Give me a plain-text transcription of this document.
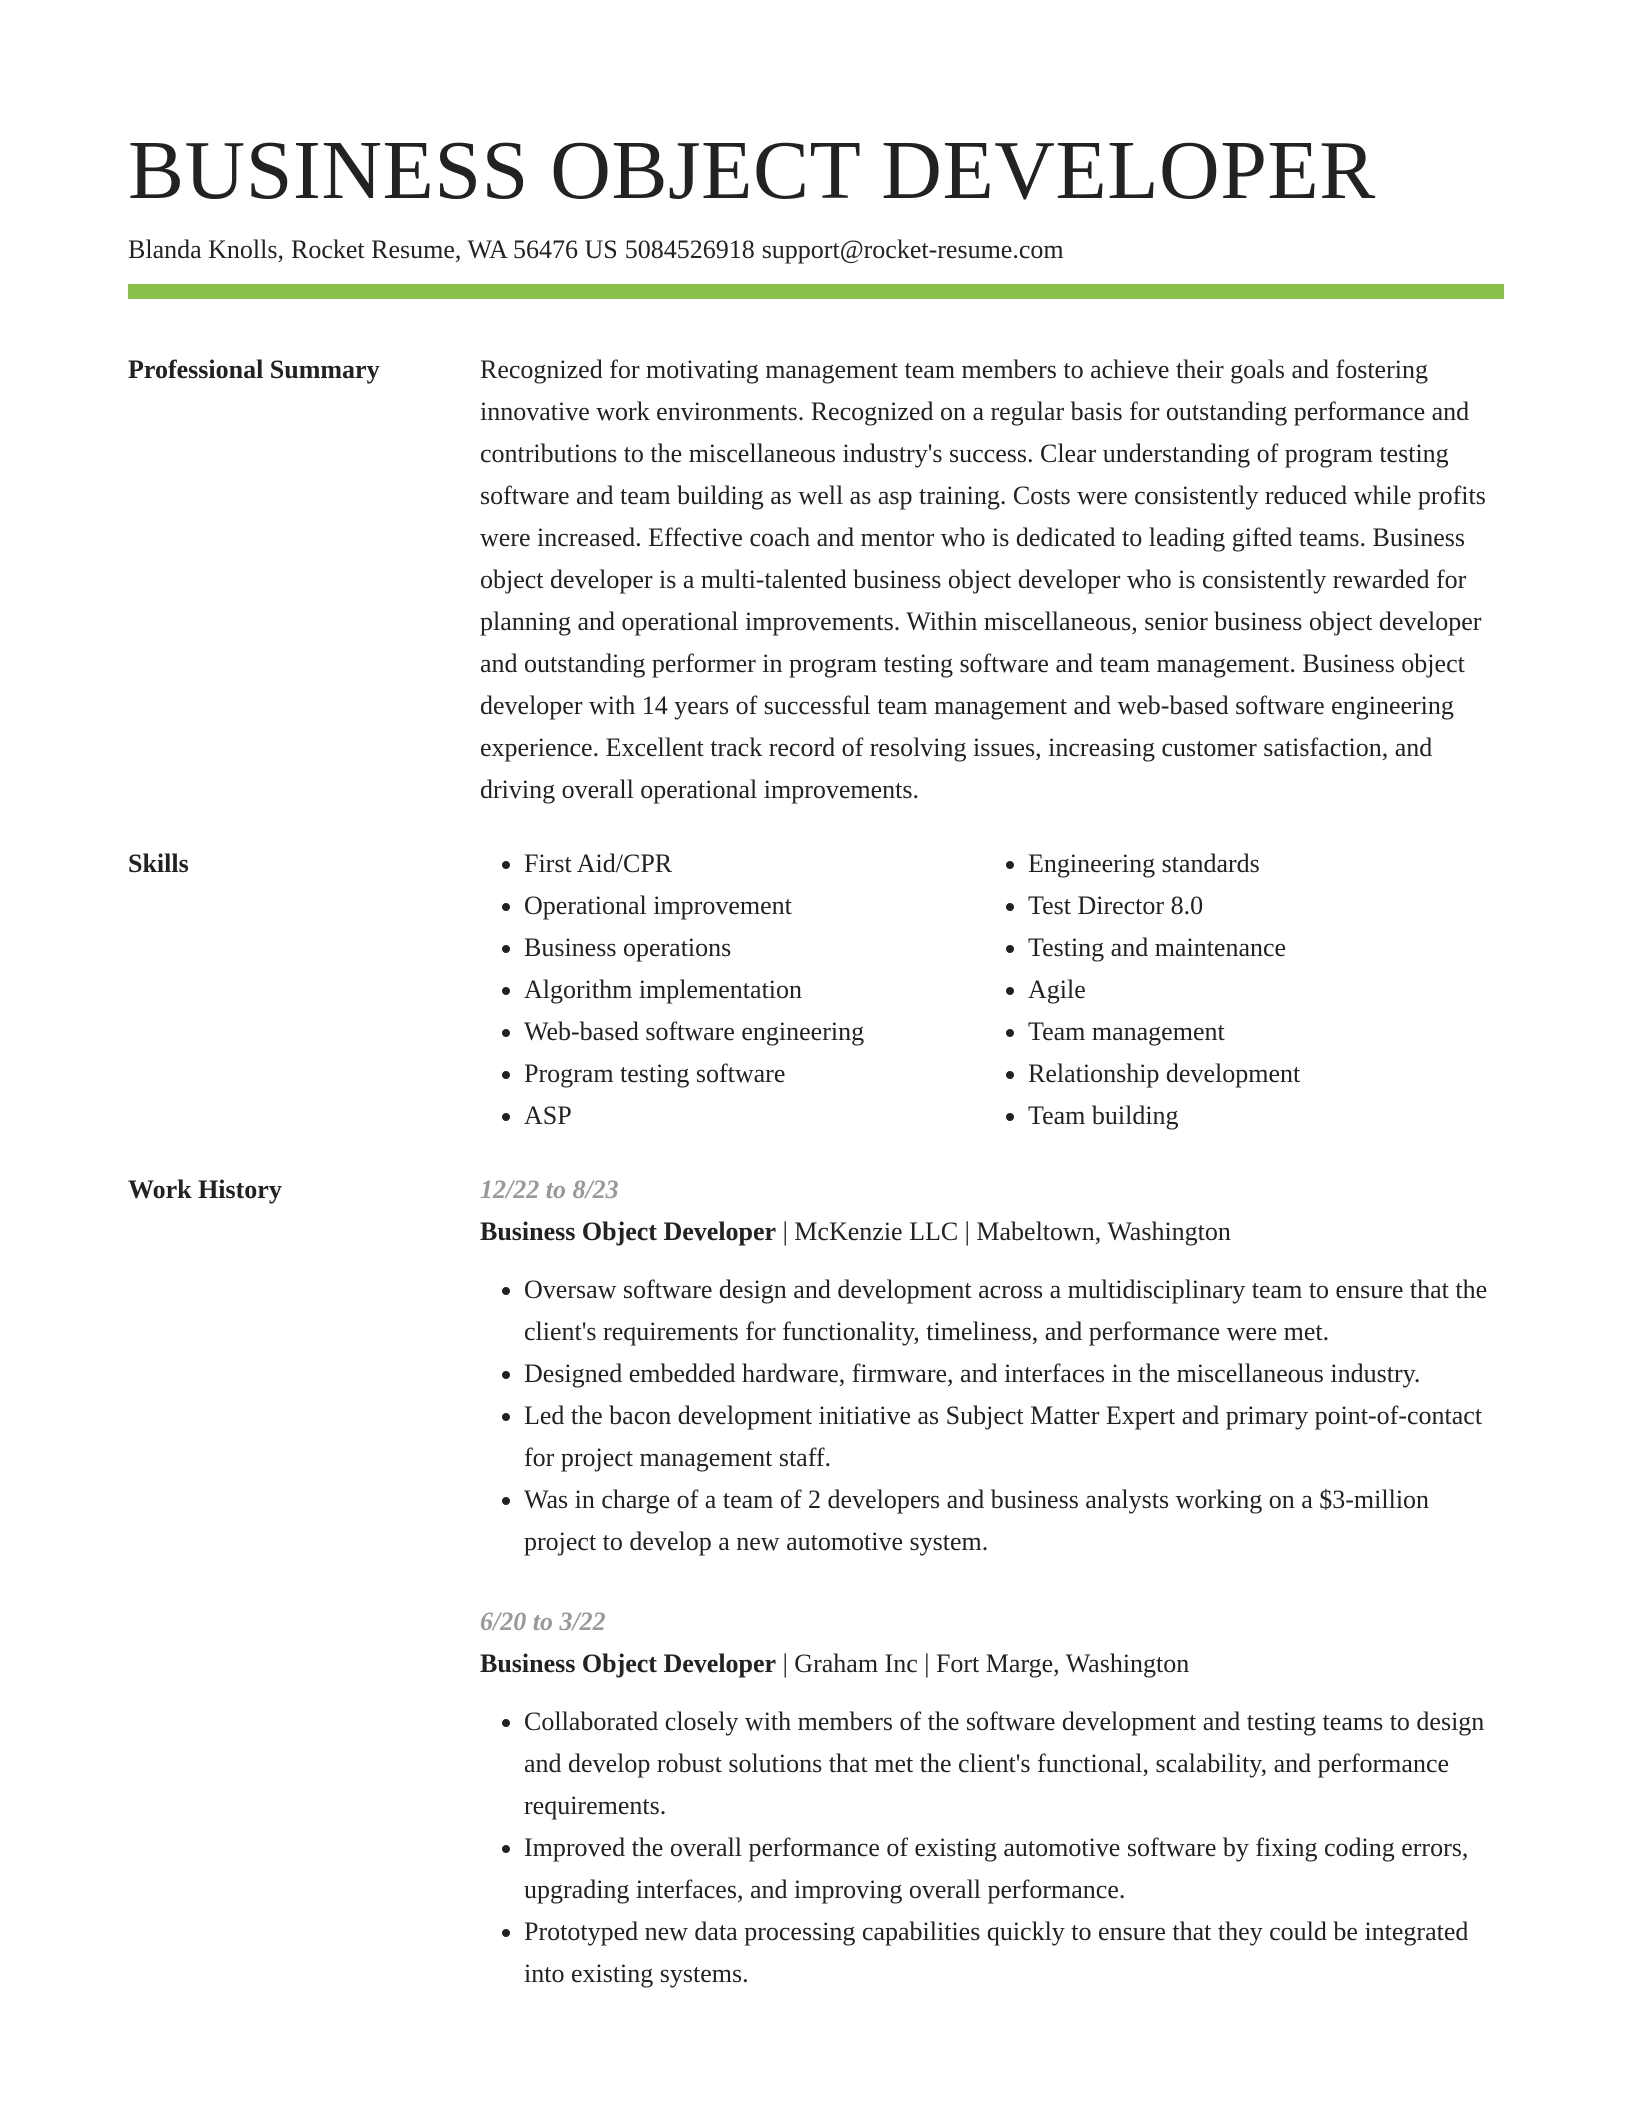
BUSINESS OBJECT DEVELOPER
Blanda Knolls, Rocket Resume, WA 56476 US 5084526918 support@rocket-resume.com
Professional Summary	Recognized for motivating management team members to achieve their goals and fostering innovative work environments. Recognized on a regular basis for outstanding performance and contributions to the miscellaneous industry's success. Clear understanding of program testing software and team building as well as asp training. Costs were consistently reduced while profits were increased. Effective coach and mentor who is dedicated to leading gifted teams. Business object developer is a multi-talented business object developer who is consistently rewarded for planning and operational improvements. Within miscellaneous, senior business object developer and outstanding performer in program testing software and team management. Business object developer with 14 years of successful team management and web-based software engineering experience. Excellent track record of resolving issues, increasing customer satisfaction, and driving overall operational improvements.
Skills
•	First Aid/CPR
• Operational improvement
• Business operations
• Algorithm implementation
• Web-based software engineering
• Program testing software
• ASP
• Engineering standards
• Test Director 8.0
• Testing and maintenance
• Agile
• Team management
• Relationship development
• Team building
Work History	12/22 to 8/23
Business Object Developer | McKenzie LLC | Mabeltown, Washington
• Oversaw software design and development across a multidisciplinary team to ensure that the client's requirements for functionality, timeliness, and performance were met.
• Designed embedded hardware, firmware, and interfaces in the miscellaneous industry.
• Led the bacon development initiative as Subject Matter Expert and primary point-of-contact for project management staff.
• Was in charge of a team of 2 developers and business analysts working on a $3-million project to develop a new automotive system.
6/20 to 3/22
Business Object Developer | Graham Inc | Fort Marge, Washington
• Collaborated closely with members of the software development and testing teams to design and develop robust solutions that met the client's functional, scalability, and performance requirements.
• Improved the overall performance of existing automotive software by fixing coding errors, upgrading interfaces, and improving overall performance.
• Prototyped new data processing capabilities quickly to ensure that they could be integrated into existing systems.
